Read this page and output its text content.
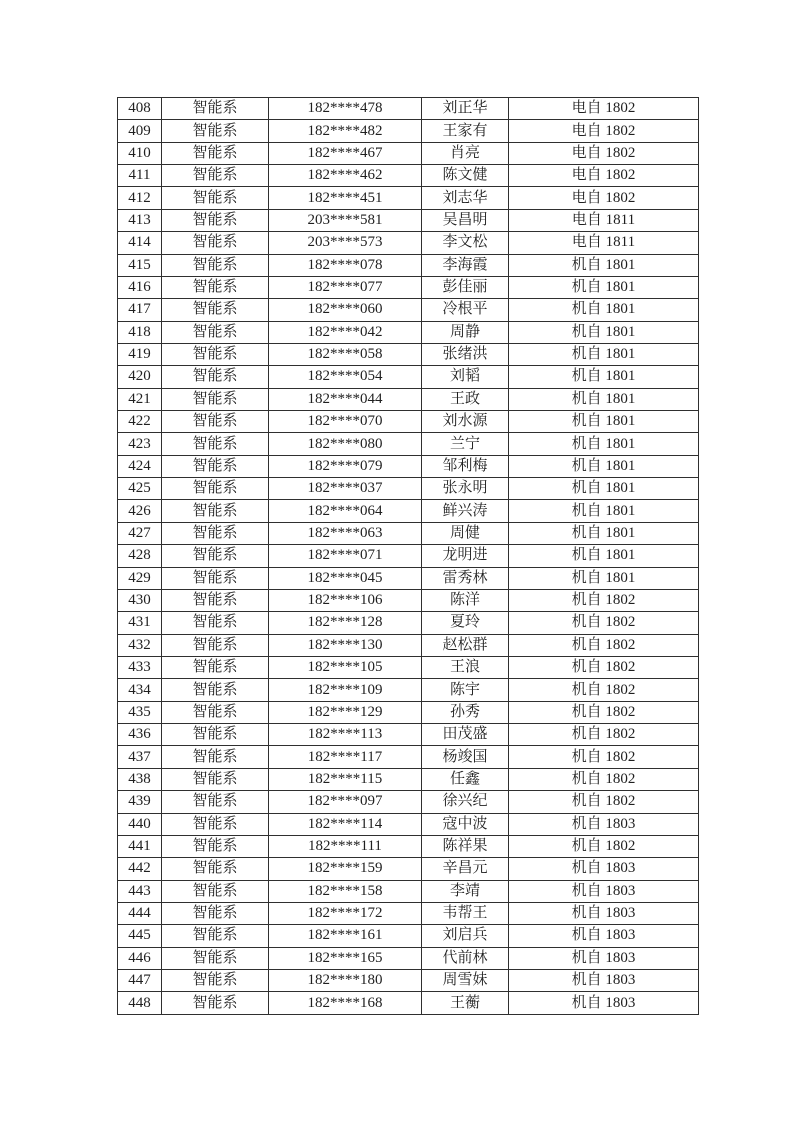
408	智能系	182****478	刘正华	电自 1802
409	智能系	182****482	王家有	电自 1802
410	智能系	182****467	肖亮	电自 1802
411	智能系	182****462	陈文健	电自 1802
412	智能系	182****451	刘志华	电自 1802
413	智能系	203****581	吴昌明	电自 1811
414	智能系	203****573	李文松	电自 1811
415	智能系	182****078	李海霞	机自 1801
416	智能系	182****077	彭佳丽	机自 1801
417	智能系	182****060	冷根平	机自 1801
418	智能系	182****042	周静	机自 1801
419	智能系	182****058	张绪洪	机自 1801
420	智能系	182****054	刘韬	机自 1801
421	智能系	182****044	王政	机自 1801
422	智能系	182****070	刘水源	机自 1801
423	智能系	182****080	兰宁	机自 1801
424	智能系	182****079	邹利梅	机自 1801
425	智能系	182****037	张永明	机自 1801
426	智能系	182****064	鲜兴涛	机自 1801
427	智能系	182****063	周健	机自 1801
428	智能系	182****071	龙明进	机自 1801
429	智能系	182****045	雷秀林	机自 1801
430	智能系	182****106	陈洋	机自 1802
431	智能系	182****128	夏玲	机自 1802
432	智能系	182****130	赵松群	机自 1802
433	智能系	182****105	王浪	机自 1802
434	智能系	182****109	陈宇	机自 1802
435	智能系	182****129	孙秀	机自 1802
436	智能系	182****113	田茂盛	机自 1802
437	智能系	182****117	杨竣国	机自 1802
438	智能系	182****115	任鑫	机自 1802
439	智能系	182****097	徐兴纪	机自 1802
440	智能系	182****114	寇中波	机自 1803
441	智能系	182****111	陈祥果	机自 1802
442	智能系	182****159	辛昌元	机自 1803
443	智能系	182****158	李靖	机自 1803
444	智能系	182****172	韦帮王	机自 1803
445	智能系	182****161	刘启兵	机自 1803
446	智能系	182****165	代前林	机自 1803
447	智能系	182****180	周雪妹	机自 1803
448	智能系	182****168	王蘅	机自 1803
